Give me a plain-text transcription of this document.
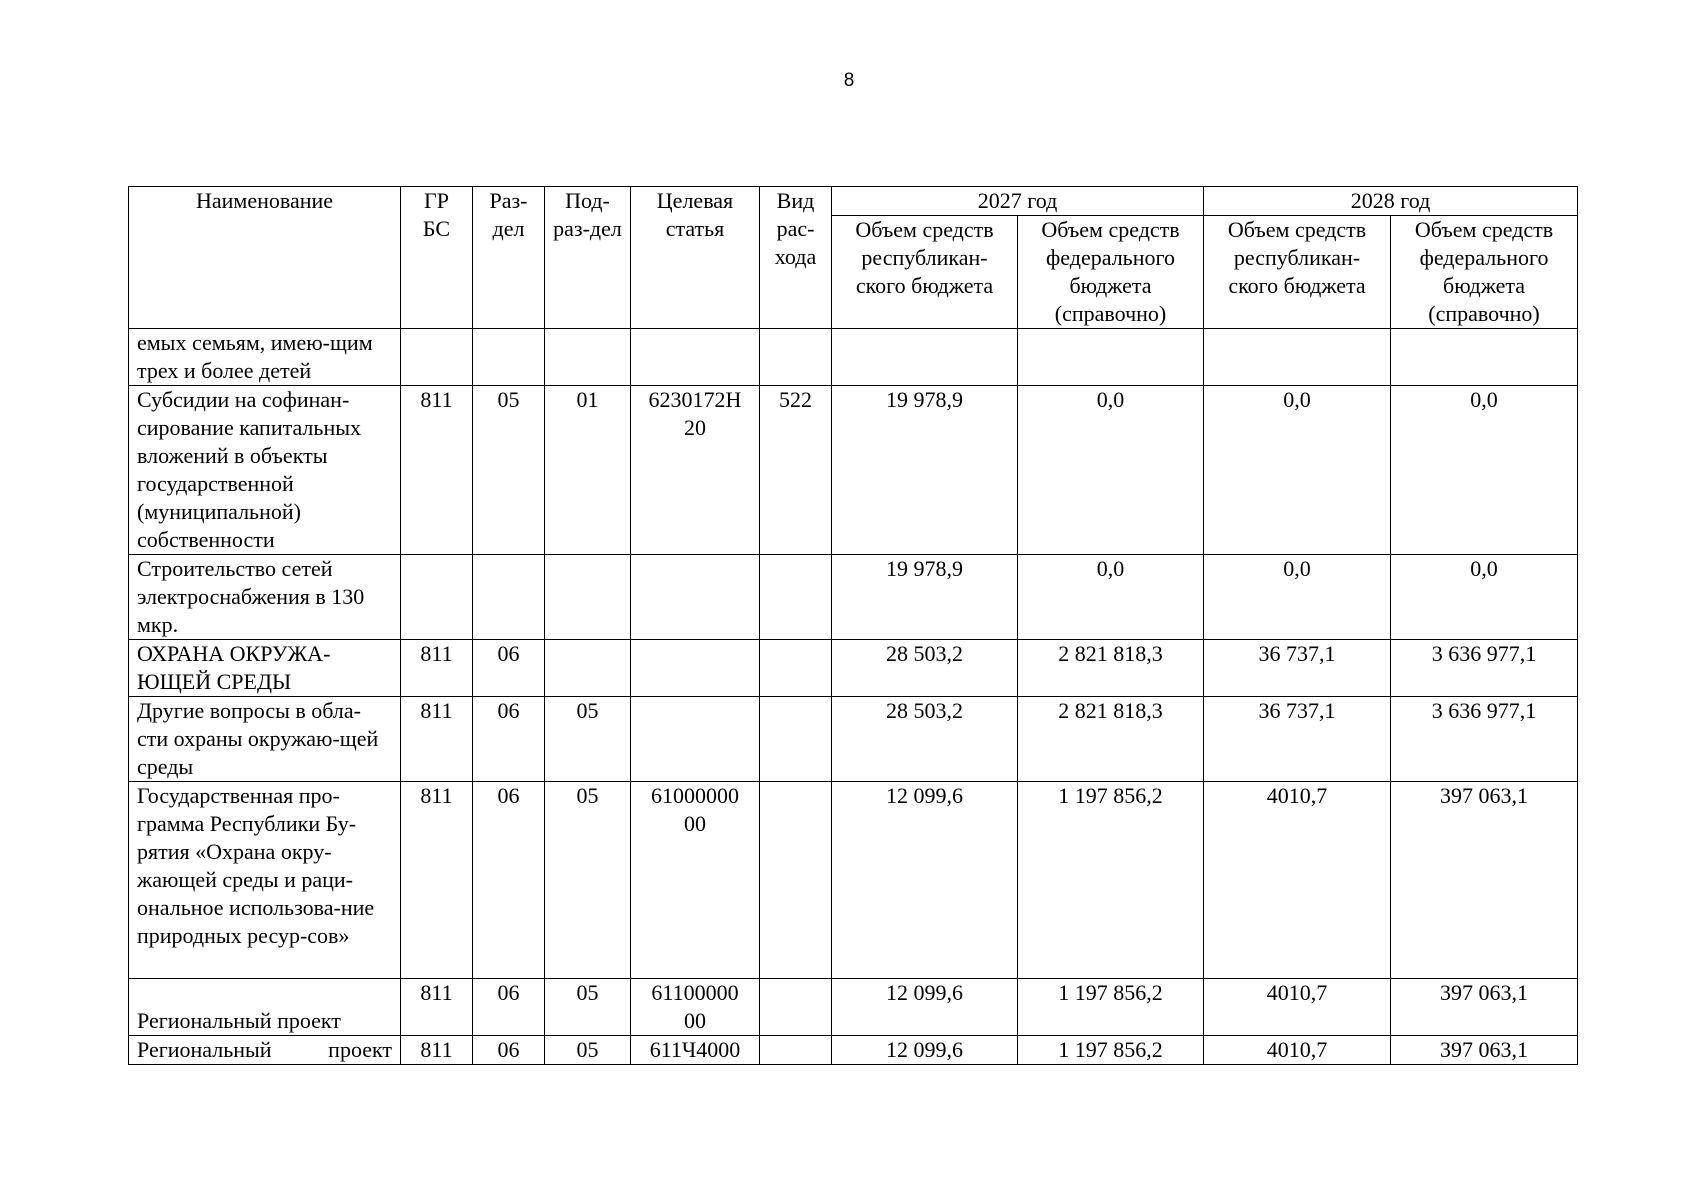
8
Наименование	ГР БС	Раз-дел	Под-раз-дел	Целевая статья	Вид рас-хода	2027 год		2028 год	
						Объем средств республикан-ского бюджета	Объем средств федерального бюджета (справочно)	Объем средств республикан-ского бюджета	Объем средств федерального бюджета (справочно)
емых семьям, имею-щим трех и более детей									
Субсидии на софинан-сирование капитальных вложений в объекты государственной (муниципальной) собственности	811	05	01	6230172Н 20	522	19 978,9	0,0	0,0	0,0
Строительство сетей электроснабжения в 130 мкр.						19 978,9	0,0	0,0	0,0
ОХРАНА ОКРУЖА-ЮЩЕЙ СРЕДЫ	811	06				28 503,2	2 821 818,3	36 737,1	3 636 977,1
Другие вопросы в обла-сти охраны окружаю-щей среды	811	06	05			28 503,2	2 821 818,3	36 737,1	3 636 977,1
Государственная про-грамма Республики Бу-рятия «Охрана окру-жающей среды и раци-ональное использова-ние природных ресур-сов»	811	06	05	61000000 00		12 099,6	1 197 856,2	4010,7	397 063,1
Региональный проект	811	06	05	61100000 00		12 099,6	1 197 856,2	4010,7	397 063,1
Региональный проект	811	06	05	611Ч4000		12 099,6	1 197 856,2	4010,7	397 063,1
